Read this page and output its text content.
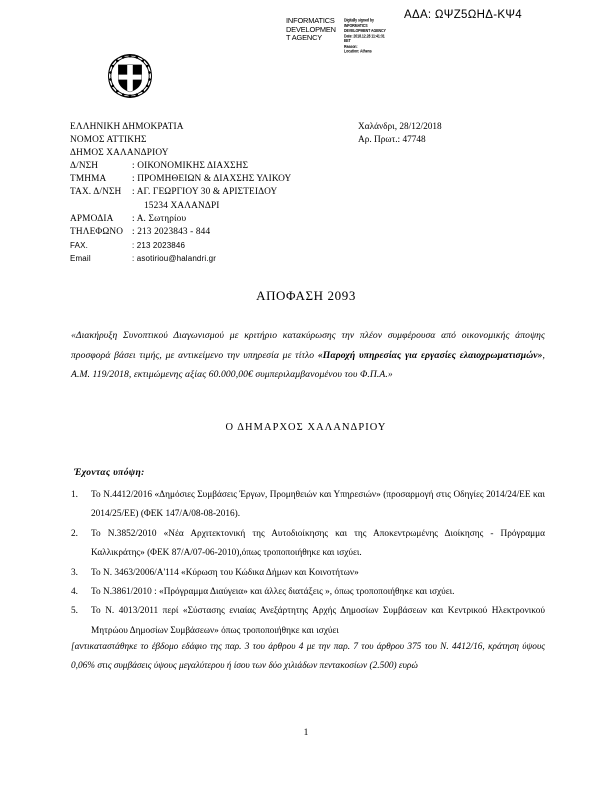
ΑΔΑ: ΩΨΖ5ΩΗΔ-ΚΨ4
INFORMATICS
DEVELOPMEN
T AGENCY
Digitally signed by
INFORMATICS
DEVELOPMENT AGENCY
Date: 2018.12.28 11:41:31
EET
Reason:
Location: Athens
ΕΛΛΗΝΙΚΗ ΔΗΜΟΚΡΑΤΙΑ
ΝΟΜΟΣ ΑΤΤΙΚΗΣ
ΔΗΜΟΣ ΧΑΛΑΝΔΡΙΟΥ
Δ/ΝΣΗ	: ΟΙΚΟΝΟΜΙΚΗΣ ΔΙΑΧΣΗΣ
ΤΜΗΜΑ	: ΠΡΟΜΗΘΕΙΩΝ & ΔΙΑΧΣΗΣ ΥΛΙΚΟΥ
ΤΑΧ. Δ/ΝΣΗ : ΑΓ. ΓΕΩΡΓΙΟΥ 30 & ΑΡΙΣΤΕΙΔΟΥ
15234 ΧΑΛΑΝΔΡΙ
ΑΡΜΟΔΙΑ : Α. Σωτηρίου
ΤΗΛΕΦΩΝΟ : 213 2023843 - 844
FAX.	: 213 2023846
Email	: asotiriou@halandri.gr
Χαλάνδρι, 28/12/2018
Αρ. Πρωτ.: 47748
ΑΠΟΦΑΣΗ 2093
«Διακήρυξη Συνοπτικού Διαγωνισμού με κριτήριο κατακύρωσης την πλέον συμφέρουσα από οικονομικής άποψης προσφορά βάσει τιμής, με αντικείμενο την υπηρεσία με τίτλο «Παροχή υπηρεσίας για εργασίες ελαιοχρωματισμών», Α.Μ. 119/2018, εκτιμώμενης αξίας 60.000,00€ συμπεριλαμβανομένου του Φ.Π.Α.»
Ο ΔΗΜΑΡΧΟΣ ΧΑΛΑΝΔΡΙΟΥ
Έχοντας υπόψη:
1. Το Ν.4412/2016 «Δημόσιες Συμβάσεις Έργων, Προμηθειών και Υπηρεσιών» (προσαρμογή στις Οδηγίες 2014/24/ΕΕ και 2014/25/ΕΕ) (ΦΕΚ 147/Α/08-08-2016).
2. Το Ν.3852/2010 «Νέα Αρχιτεκτονική της Αυτοδιοίκησης και της Αποκεντρωμένης Διοίκησης - Πρόγραμμα Καλλικράτης» (ΦΕΚ 87/Α/07-06-2010),όπως τροποποιήθηκε και ισχύει.
3. Το Ν. 3463/2006/Α'114 «Κύρωση του Κώδικα Δήμων και Κοινοτήτων»
4. Το Ν.3861/2010 : «Πρόγραμμα Διαύγεια» και άλλες διατάξεις », όπως τροποποιήθηκε και ισχύει.
5. Το Ν. 4013/2011 περί «Σύστασης ενιαίας Ανεξάρτητης Αρχής Δημοσίων Συμβάσεων και Κεντρικού Ηλεκτρονικού Μητρώου Δημοσίων Συμβάσεων» όπως τροποποιήθηκε και ισχύει
[αντικαταστάθηκε το έβδομο εδάφιο της παρ. 3 του άρθρου 4 με την παρ. 7 του άρθρου 375 του Ν. 4412/16, κράτηση ύψους 0,06% στις συμβάσεις ύψους μεγαλύτερου ή ίσου των δύο χιλιάδων πεντακοσίων (2.500) ευρώ
1
